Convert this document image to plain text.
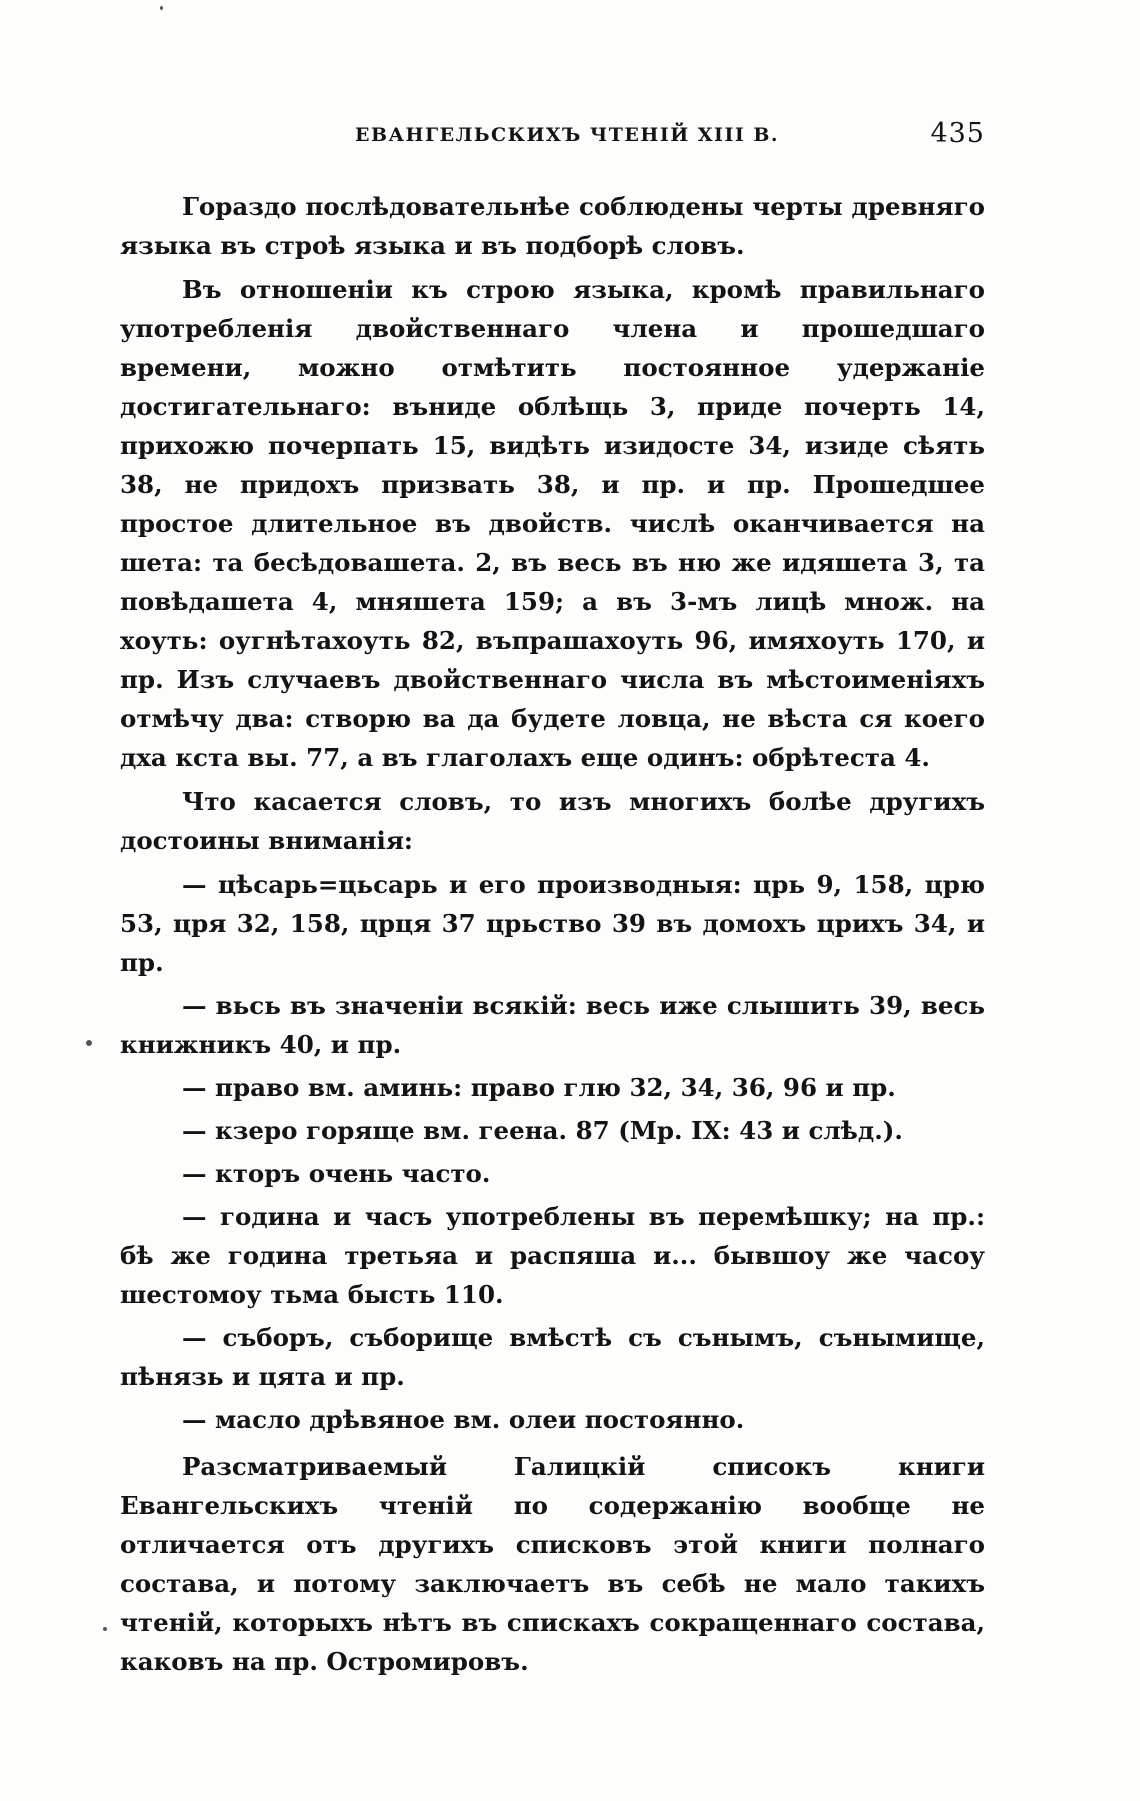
ЕВАНГЕЛЬСКИХЪ ЧТЕНІЙ XIII В.	435

Гораздо послѣдовательнѣе соблюдены черты древняго языка въ строѣ языка и въ подборѣ словъ.

Въ отношеніи къ строю языка, кромѣ правильнаго употребленія двойственнаго члена и прошедшаго времени, можно отмѣтить постоянное удержаніе достигательнаго: вънидe облѣщь 3, приде почерть 14, прихожю почерпать 15, видѣть изидосте 34, изиде сѣять 38, не придохъ призвать 38, и пр. и пр. Прошедшее простое длительное въ двойств. числѣ оканчивается на шета: та бесѣдовашета. 2, въ весь въ ню же идяшета 3, та повѣдашета 4, мняшета 159; а въ 3-мъ лицѣ множ. на хоуть: оугнѣтахоуть 82, въпрашахоуть 96, имяхоуть 170, и пр. Изъ случаевъ двойственнаго числа въ мѣстоименіяхъ отмѣчу два: створю ва да будете ловца, не вѣста ся коего дха кста вы. 77, а въ глаголахъ еще одинъ: обрѣтеста 4.

Что касается словъ, то изъ многихъ болѣе другихъ достоины вниманія:

— цѣсарь=цьсарь и его производныя: црь 9, 158, црю 53, цря 32, 158, црця 37 црьство 39 въ домохъ црихъ 34, и пр.

— вьсь въ значеніи всякій: весь иже слышить 39, весь книжникъ 40, и пр.

— право вм. аминь: право глю 32, 34, 36, 96 и пр.

— кзеро горяще вм. геена. 87 (Мр. IX: 43 и слѣд.).

— кторъ очень часто.

— година и часъ употреблены въ перемѣшку; на пр.: бѣ же година третьяа и распяша и... бывшоу же часоу шестомоу тьма бысть 110.

— съборъ, съборище вмѣстѣ съ сънымъ, сънымище, пѣнязь и цята и пр.

— масло дрѣвяное вм. олеи постоянно.

Разсматриваемый Галицкій списокъ книги Евангельскихъ чтеній по содержанію вообще не отличается отъ другихъ списковъ этой книги полнаго состава, и потому заключаетъ въ себѣ не мало такихъ чтеній, которыхъ нѣтъ въ спискахъ сокращеннаго состава, каковъ на пр. Остромировъ.
